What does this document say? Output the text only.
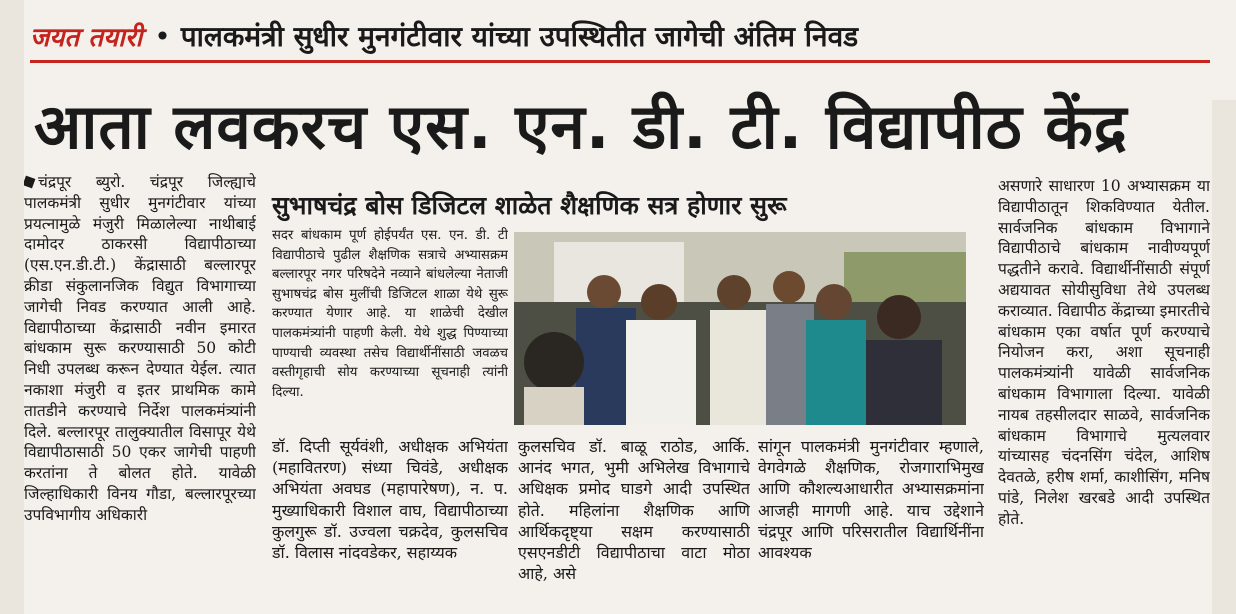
जयत तयारी • पालकमंत्री सुधीर मुनगंटीवार यांच्या उपस्थितीत जागेची अंतिम निवड
आता लवकरच एस. एन. डी. टी. विद्यापीठ केंद्र

चंद्रपूर ब्युरो. चंद्रपूर जिल्ह्याचे पालकमंत्री सुधीर मुनगंटीवार यांच्या प्रयत्नामुळे मंजुरी मिळालेल्या नाथीबाई दामोदर ठाकरसी विद्यापीठाच्या (एस.एन.डी.टी.) केंद्रासाठी बल्लारपूर क्रीडा संकुलानजिक विद्युत विभागाच्या जागेची निवड करण्यात आली आहे. विद्यापीठाच्या केंद्रासाठी नवीन इमारत बांधकाम सुरू करण्यासाठी 50 कोटी निधी उपलब्ध करून देण्यात येईल. त्यात नकाशा मंजुरी व इतर प्राथमिक कामे तातडीने करण्याचे निर्देश पालकमंत्र्यांनी दिले. बल्लारपूर तालुक्यातील विसापूर येथे विद्यापीठासाठी 50 एकर जागेची पाहणी करतांना ते बोलत होते. यावेळी जिल्हाधिकारी विनय गौडा, बल्लारपूरच्या उपविभागीय अधिकारी

सुभाषचंद्र बोस डिजिटल शाळेत शैक्षणिक सत्र होणार सुरू

सदर बांधकाम पूर्ण होईपर्यंत एस. एन. डी. टी विद्यापीठाचे पुढील शैक्षणिक सत्राचे अभ्यासक्रम बल्लारपूर नगर परिषदेने नव्याने बांधलेल्या नेताजी सुभाषचंद्र बोस मुलींची डिजिटल शाळा येथे सुरू करण्यात येणार आहे. या शाळेची देखील पालकमंत्र्यांनी पाहणी केली. येथे शुद्ध पिण्याच्या पाण्याची व्यवस्था तसेच विद्यार्थीनींसाठी जवळच वस्तीगृहाची सोय करण्याच्या सूचनाही त्यांनी दिल्या.

डॉ. दिप्ती सूर्यवंशी, अधीक्षक अभियंता (महावितरण) संध्या चिवंडे, अधीक्षक अभियंता अवघड (महापारेषण), न. प. मुख्याधिकारी विशाल वाघ, विद्यापीठाच्या कुलगुरू डॉ. उज्वला चक्रदेव, कुलसचिव डॉ. विलास नांदवडेकर, सहाय्यक

कुलसचिव डॉ. बाळू राठोड, आर्कि. आनंद भगत, भुमी अभिलेख विभागाचे अधिक्षक प्रमोद घाडगे आदी उपस्थित होते. महिलांना शैक्षणिक आणि आर्थिकदृष्ट्या सक्षम करण्यासाठी एसएनडीटी विद्यापीठाचा वाटा मोठा आहे, असे

सांगून पालकमंत्री मुनगंटीवार म्हणाले, वेगवेगळे शैक्षणिक, रोजगाराभिमुख आणि कौशल्यआधारीत अभ्यासक्रमांना आजही मागणी आहे. याच उद्देशाने चंद्रपूर आणि परिसरातील विद्यार्थिनींना आवश्यक

असणारे साधारण 10 अभ्यासक्रम या विद्यापीठातून शिकविण्यात येतील. सार्वजनिक बांधकाम विभागाने विद्यापीठाचे बांधकाम नावीण्यपूर्ण पद्धतीने करावे. विद्यार्थीनींसाठी संपूर्ण अद्ययावत सोयीसुविधा तेथे उपलब्ध कराव्यात. विद्यापीठ केंद्राच्या इमारतीचे बांधकाम एका वर्षात पूर्ण करण्याचे नियोजन करा, अशा सूचनाही पालकमंत्र्यांनी यावेळी सार्वजनिक बांधकाम विभागाला दिल्या. यावेळी नायब तहसीलदार साळवे, सार्वजनिक बांधकाम विभागाचे मुत्यलवार यांच्यासह चंदनसिंग चंदेल, आशिष देवतळे, हरीष शर्मा, काशीसिंग, मनिष पांडे, निलेश खरबडे आदी उपस्थित होते.
